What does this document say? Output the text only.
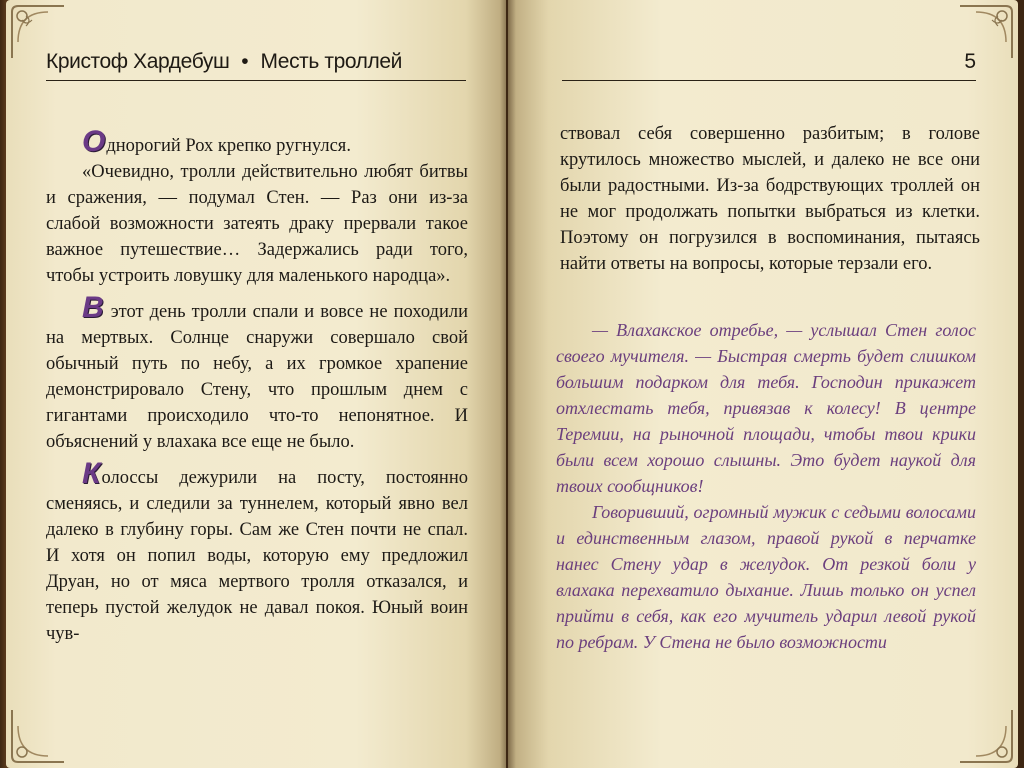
Кристоф Хардебуш • Месть троллей	5

Однорогий Рох крепко ругнулся.

«Очевидно, тролли действительно любят битвы и сражения, — подумал Стен. — Раз они из-за слабой возможности затеять драку прервали такое важное путешествие… Задержались ради того, чтобы устроить ловушку для маленького народца».

В этот день тролли спали и вовсе не походили на мертвых. Солнце снаружи совершало свой обычный путь по небу, а их громкое храпение демонстрировало Стену, что прошлым днем с гигантами происходило что-то непонятное. И объяснений у влахака все еще не было.

Колоссы дежурили на посту, постоянно сменяясь, и следили за туннелем, который явно вел далеко в глубину горы. Сам же Стен почти не спал. И хотя он попил воды, которую ему предложил Друан, но от мяса мертвого тролля отказался, и теперь пустой желудок не давал покоя. Юный воин чув-

ствовал себя совершенно разбитым; в голове крутилось множество мыслей, и далеко не все они были радостными. Из-за бодрствующих троллей он не мог продолжать попытки выбраться из клетки. Поэтому он погрузился в воспоминания, пытаясь найти ответы на вопросы, которые терзали его.

— Влахакское отребье, — услышал Стен голос своего мучителя. — Быстрая смерть будет слишком большим подарком для тебя. Господин прикажет отхлестать тебя, привязав к колесу! В центре Теремии, на рыночной площади, чтобы твои крики были всем хорошо слышны. Это будет наукой для твоих сообщников!

Говоривший, огромный мужик с седыми волосами и единственным глазом, правой рукой в перчатке нанес Стену удар в желудок. От резкой боли у влахака перехватило дыхание. Лишь только он успел прийти в себя, как его мучитель ударил левой рукой по ребрам. У Стена не было возможности
